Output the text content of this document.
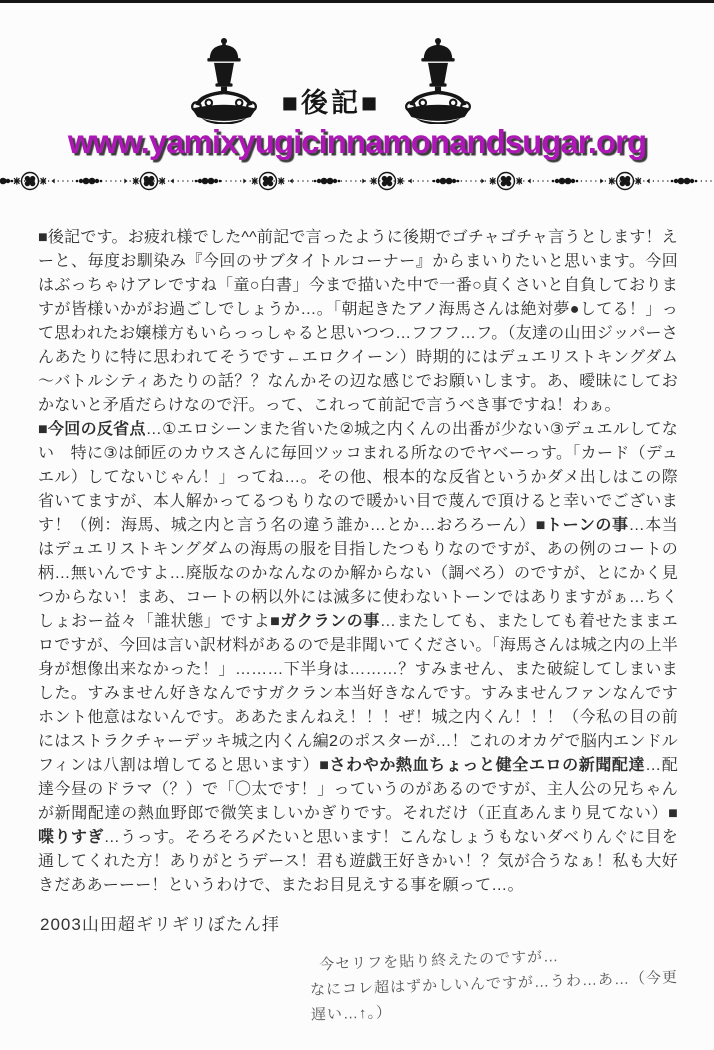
■後記■
www.yamixyugicinnamonandsugar.org

■後記です。お疲れ様でした^^前記で言ったように後期でゴチャゴチャ言うとします！えーと、毎度お馴染み『今回のサブタイトルコーナー』からまいりたいと思います。今回はぶっちゃけアレですね「童○白書」今まで描いた中で一番○貞くさいと自負しておりますが皆様いかがお過ごしでしょうか…。「朝起きたアノ海馬さんは絶対夢●してる！」って思われたお嬢様方もいらっっしゃると思いつつ…フフフ…フ。（友達の山田ジッパーさんあたりに特に思われてそうです←エロクイーン）時期的にはデュエリストキングダム～バトルシティあたりの話？？なんかその辺な感じでお願いします。あ、曖昧にしておかないと矛盾だらけなので汗。って、これって前記で言うべき事ですね！わぁ。

■今回の反省点…①エロシーンまた省いた②城之内くんの出番が少ない③デュエルしてない　特に③は師匠のカウスさんに毎回ツッコまれる所なのでヤベーっす。「カード（デュエル）してないじゃん！」ってね…。その他、根本的な反省というかダメ出しはこの際省いてますが、本人解かってるつもりなので暖かい目で蔑んで頂けると幸いでございます！（例：海馬、城之内と言う名の違う誰か…とか…おろろーん）■トーンの事…本当はデュエリストキングダムの海馬の服を目指したつもりなのですが、あの例のコートの柄…無いんですよ…廃版なのかなんなのか解からない（調べろ）のですが、とにかく見つからない！まあ、コートの柄以外には滅多に使わないトーンではありますがぁ…ちくしょおー益々「誰状態」ですよ■ガクランの事…またしても、またしても着せたままエロですが、今回は言い訳材料があるので是非聞いてください。「海馬さんは城之内の上半身が想像出来なかった！」………下半身は………？すみません、また破綻してしまいました。すみません好きなんですガクラン本当好きなんです。すみませんファンなんですホント他意はないんです。ああたまんねえ！！！ぜ！城之内くん！！！（今私の目の前にはストラクチャーデッキ城之内くん編2のポスターが…！これのオカゲで脳内エンドルフィンは八割は増してると思います）■さわやか熱血ちょっと健全エロの新聞配達…配達今昼のドラマ（？）で「〇太です！」っていうのがあるのですが、主人公の兄ちゃんが新聞配達の熱血野郎で微笑ましいかぎりです。それだけ（正直あんまり見てない）■喋りすぎ…うっす。そろそろ〆たいと思います！こんなしょうもないダベりんぐに目を通してくれた方！ありがとうデース！君も遊戯王好きかい！？気が合うなぁ！私も大好きだああーーー！というわけで、またお目見えする事を願って…。

2003山田超ギリギリぼたん拝
今セリフを貼り終えたのですが…
なにコレ超はずかしいんですが…うわ…あ…（今更遅い…↑。）
